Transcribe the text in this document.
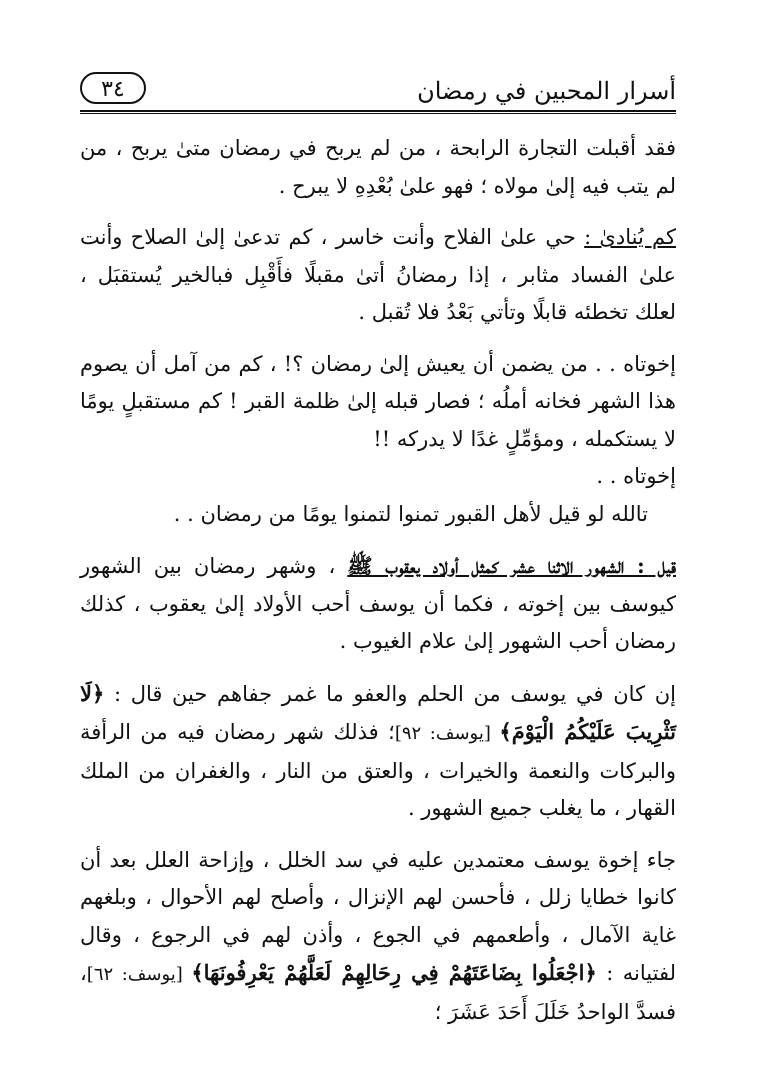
٣٤	أسرار المحبين في رمضان

فقد أقبلت التجارة الرابحة ، من لم يربح في رمضان متىٰ يربح ، من لم يتب فيه إلىٰ مولاه ؛ فهو علىٰ بُعْدِهِ لا يبرح .

كم يُنادىٰ : حي علىٰ الفلاح وأنت خاسر ، كم تدعىٰ إلىٰ الصلاح وأنت علىٰ الفساد مثابر ، إذا رمضانُ أتىٰ مقبلًا فأَقْبِل فبالخير يُستقبَل ، لعلك تخطئه قابلًا وتأتي بَعْدُ فلا تُقبل .

إخوتاه . . من يضمن أن يعيش إلىٰ رمضان ؟! ، كم من آمل أن يصوم هذا الشهر فخانه أملُه ؛ فصار قبله إلىٰ ظلمة القبر ! كم مستقبلٍ يومًا لا يستكمله ، ومؤمِّلٍ غدًا لا يدركه !!

إخوتاه . .

تالله لو قيل لأهل القبور تمنوا لتمنوا يومًا من رمضان . .

قيل : الشهور الاثنا عشر كمثل أولاد يعقوب ﷺ ، وشهر رمضان بين الشهور كيوسف بين إخوته ، فكما أن يوسف أحب الأولاد إلىٰ يعقوب ، كذلك رمضان أحب الشهور إلىٰ علام الغيوب .

إن كان في يوسف من الحلم والعفو ما غمر جفاهم حين قال : ﴿لَا تَثْرِيبَ عَلَيْكُمُ الْيَوْمَ﴾ [يوسف: ٩٢]؛ فذلك شهر رمضان فيه من الرأفة والبركات والنعمة والخيرات ، والعتق من النار ، والغفران من الملك القهار ، ما يغلب جميع الشهور .

جاء إخوة يوسف معتمدين عليه في سد الخلل ، وإزاحة العلل بعد أن كانوا خطايا زلل ، فأحسن لهم الإنزال ، وأصلح لهم الأحوال ، وبلغهم غاية الآمال ، وأطعمهم في الجوع ، وأذن لهم في الرجوع ، وقال لفتيانه : ﴿اجْعَلُوا بِضَاعَتَهُمْ فِي رِحَالِهِمْ لَعَلَّهُمْ يَعْرِفُونَهَا﴾ [يوسف: ٦٢]، فسدَّ الواحدُ خَلَلَ أَحَدَ عَشَرَ ؛
